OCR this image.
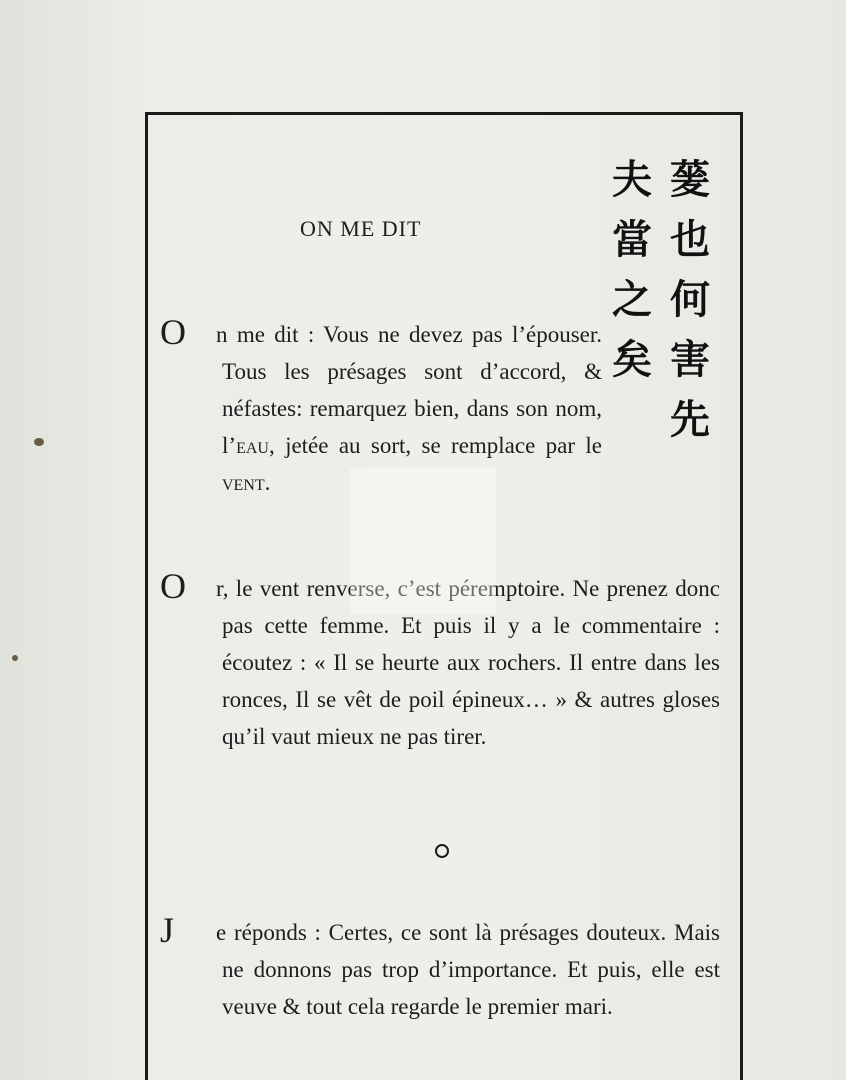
ON ME DIT
蓌
也
何
害
先
夫
當
之
矣
O n me dit : Vous ne devez pas l’épouser. Tous les présages sont d’accord, & néfastes: remarquez bien, dans son nom, l’eau, jetée au sort, se remplace par le vent.
O r, le vent renverse, c’est péremptoire. Ne prenez donc pas cette femme. Et puis il y a le commentaire : écoutez : « Il se heurte aux rochers. Il entre dans les ronces, Il se vêt de poil épineux… » & autres gloses qu’il vaut mieux ne pas tirer.
J e réponds : Certes, ce sont là présages douteux. Mais ne donnons pas trop d’importance. Et puis, elle est veuve & tout cela regarde le premier mari.
